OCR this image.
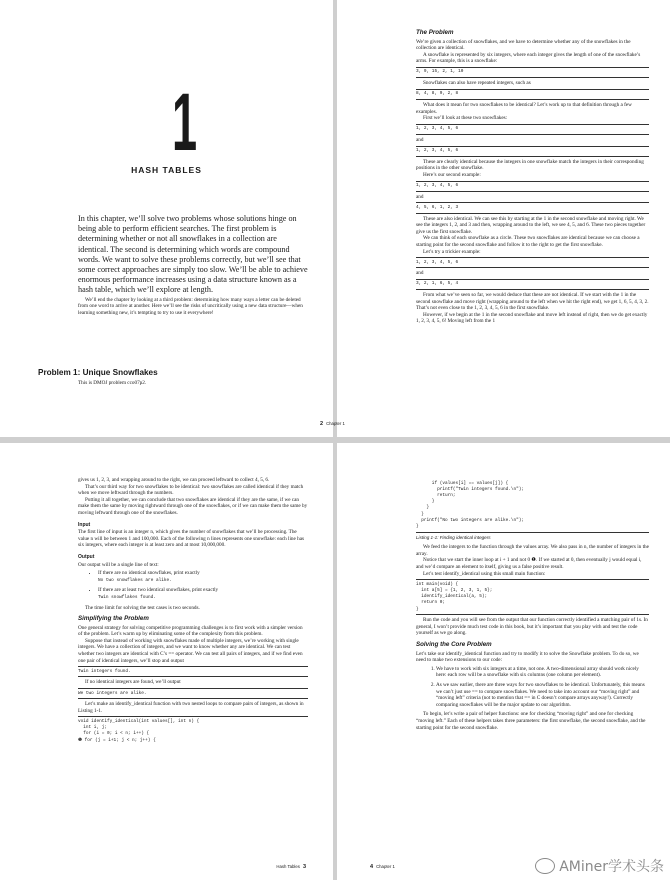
1
HASH TABLES

In this chapter, we’ll solve two problems whose solutions hinge on being able to perform efficient searches. The first problem is determining whether or not all snowflakes in a collection are identical. The second is determining which words are compound words. We want to solve these problems correctly, but we’ll see that some correct approaches are simply too slow. We’ll be able to achieve enormous performance increases using a data structure known as a hash table, which we’ll explore at length.

We’ll end the chapter by looking at a third problem: determining how many ways a letter can be deleted from one word to arrive at another. Here we’ll see the risks of uncritically using a new data structure—when learning something new, it’s tempting to try to use it everywhere!

Problem 1: Unique Snowflakes

This is DMOJ problem cco07p2.

The Problem

We’re given a collection of snowflakes, and we have to determine whether any of the snowflakes in the collection are identical.

A snowflake is represented by six integers, where each integer gives the length of one of the snowflake’s arms. For example, this is a snowflake:

3, 9, 15, 2, 1, 10

Snowflakes can also have repeated integers, such as

8, 4, 8, 9, 2, 8

What does it mean for two snowflakes to be identical? Let’s work up to that definition through a few examples.

First we’ll look at these two snowflakes:

1, 2, 3, 4, 5, 6

and

1, 2, 3, 4, 5, 6

These are clearly identical because the integers in one snowflake match the integers in their corresponding positions in the other snowflake.

Here’s our second example:

1, 2, 3, 4, 5, 6

and

4, 5, 6, 1, 2, 3

These are also identical. We can see this by starting at the 1 in the second snowflake and moving right. We see the integers 1, 2, and 3 and then, wrapping around to the left, we see 4, 5, and 6. These two pieces together give us the first snowflake.

We can think of each snowflake as a circle. These two snowflakes are identical because we can choose a starting point for the second snowflake and follow it to the right to get the first snowflake.

Let’s try a trickier example:

1, 2, 3, 4, 5, 6

and

3, 2, 1, 6, 5, 4

From what we’ve seen so far, we would deduce that these are not identical. If we start with the 1 in the second snowflake and move right (wrapping around to the left when we hit the right end), we get 1, 6, 5, 4, 3, 2. That’s not even close to the 1, 2, 3, 4, 5, 6 in the first snowflake.

However, if we begin at the 1 in the second snowflake and move left instead of right, then we do get exactly 1, 2, 3, 4, 5, 6! Moving left from the 1

2 Chapter 1

gives us 1, 2, 3, and wrapping around to the right, we can proceed leftward to collect 4, 5, 6.

That’s our third way for two snowflakes to be identical: two snowflakes are called identical if they match when we move leftward through the numbers.

Putting it all together, we can conclude that two snowflakes are identical if they are the same, if we can make them the same by moving rightward through one of the snowflakes, or if we can make them the same by moving leftward through one of the snowflakes.

Input

The first line of input is an integer n, which gives the number of snowflakes that we’ll be processing. The value n will be between 1 and 100,000. Each of the following n lines represents one snowflake: each line has six integers, where each integer is at least zero and at most 10,000,000.

Output

Our output will be a single line of text:

• If there are no identical snowflakes, print exactly
No two snowflakes are alike.
• If there are at least two identical snowflakes, print exactly
Twin snowflakes found.

The time limit for solving the test cases is two seconds.

Simplifying the Problem

One general strategy for solving competitive programming challenges is to first work with a simpler version of the problem. Let’s warm up by eliminating some of the complexity from this problem.

Suppose that instead of working with snowflakes made of multiple integers, we’re working with single integers. We have a collection of integers, and we want to know whether any are identical. We can test whether two integers are identical with C’s == operator. We can test all pairs of integers, and if we find even one pair of identical integers, we’ll stop and output

Twin integers found.

If no identical integers are found, we’ll output

We two integers are alike.

Let’s make an identify_identical function with two nested loops to compare pairs of integers, as shown in Listing 1-1.

void identify_identical(int values[], int n) {
int i, j;
for (i = 0; i < n; i++) {
❶ for (j = i+1; j < n; j++) {
Hash Tables 3
if (values[i] == values[j]) {
printf("Twin integers found.\n");
return;
}
}
}
printf("No two integers are alike.\n");
}
Listing 1-1: Finding identical integers

We feed the integers to the function through the values array. We also pass in n, the number of integers in the array.

Notice that we start the inner loop at i + 1 and not 0 ❶. If we started at 0, then eventually j would equal i, and we’d compare an element to itself, giving us a false positive result.

Let’s test identify_identical using this small main function:

int main(void) {
int a[5] = {1, 2, 3, 1, 5};
identify_identical(a, 5);
return 0;
}

Run the code and you will see from the output that our function correctly identified a matching pair of 1s. In general, I won’t provide much test code in this book, but it’s important that you play with and test the code yourself as we go along.

Solving the Core Problem

Let’s take our identify_identical function and try to modify it to solve the Snowflake problem. To do so, we need to make two extensions to our code:

1. We have to work with six integers at a time, not one. A two-dimensional array should work nicely here: each row will be a snowflake with six columns (one column per element).
2. As we saw earlier, there are three ways for two snowflakes to be identical. Unfortunately, this means we can’t just use == to compare snowflakes. We need to take into account our “moving right” and “moving left” criteria (not to mention that == in C doesn’t compare arrays anyway!). Correctly comparing snowflakes will be the major update to our algorithm.

To begin, let’s write a pair of helper functions: one for checking “moving right” and one for checking “moving left.” Each of these helpers takes three parameters: the first snowflake, the second snowflake, and the starting point for the second snowflake.

4 Chapter 1	AMiner学术头条
